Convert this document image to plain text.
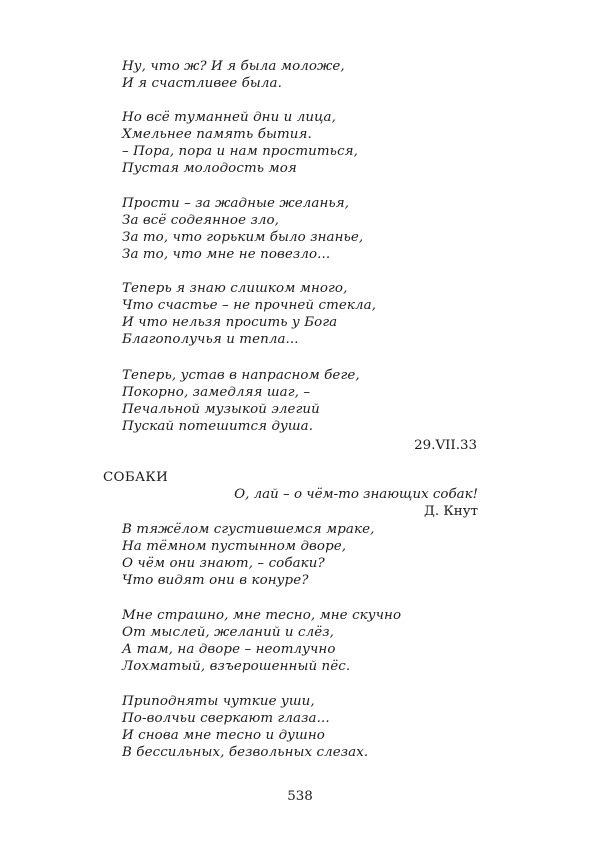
Ну, что ж? И я была моложе,
И я счастливее была.
Но всё туманней дни и лица,
Хмельнее память бытия.
– Пора, пора и нам проститься,
Пустая молодость моя
Прости – за жадные желанья,
За всё содеянное зло,
За то, что горьким было знанье,
За то, что мне не повезло...
Теперь я знаю слишком много,
Что счастье – не прочней стекла,
И что нельзя просить у Бога
Благополучья и тепла...
Теперь, устав в напрасном беге,
Покорно, замедляя шаг, –
Печальной музыкой элегий
Пускай потешится душа.
29.VII.33
СОБАКИ
О, лай – о чём-то знающих собак!
Д. Кнут
В тяжёлом сгустившемся мраке,
На тёмном пустынном дворе,
О чём они знают, – собаки?
Что видят они в конуре?
Мне страшно, мне тесно, мне скучно
От мыслей, желаний и слёз,
А там, на дворе – неотлучно
Лохматый, взъерошенный пёс.
Приподняты чуткие уши,
По-волчьи сверкают глаза...
И снова мне тесно и душно
В бессильных, безвольных слезах.
538
